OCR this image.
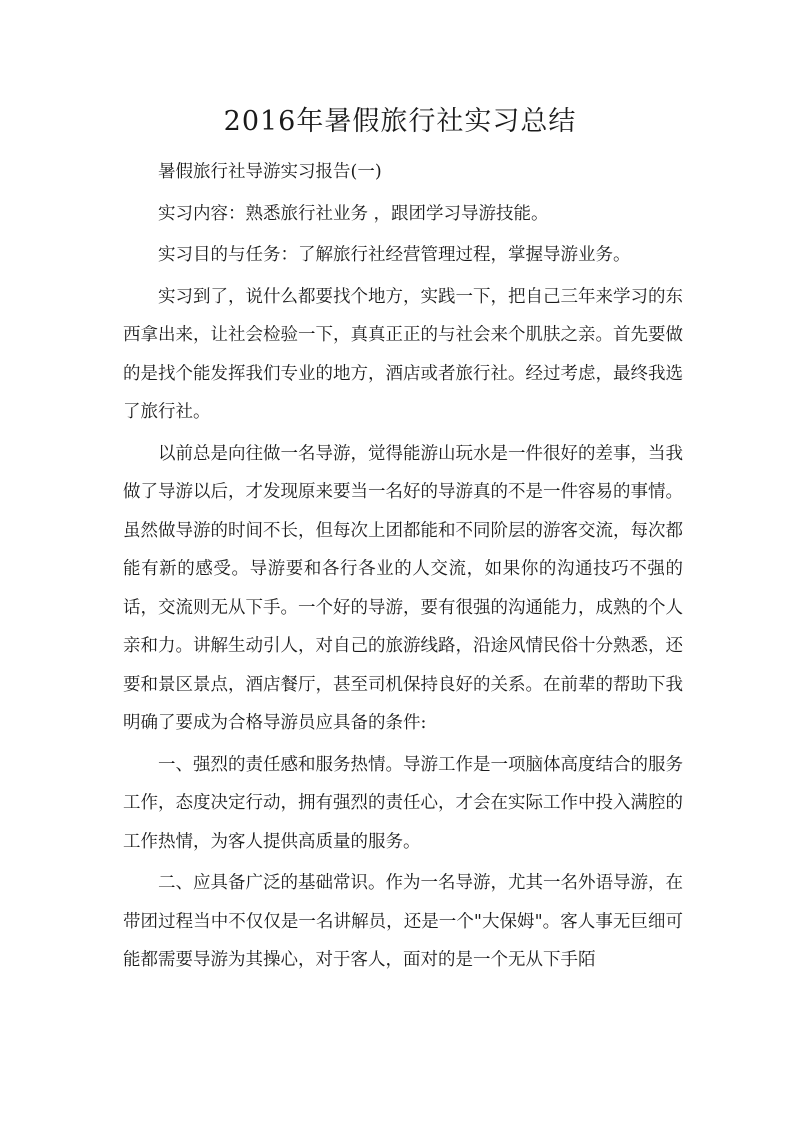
2016年暑假旅行社实习总结

暑假旅行社导游实习报告(一)

实习内容：熟悉旅行社业务 ，跟团学习导游技能。

实习目的与任务：了解旅行社经营管理过程，掌握导游业务。

实习到了，说什么都要找个地方，实践一下，把自己三年来学习的东西拿出来，让社会检验一下，真真正正的与社会来个肌肤之亲。首先要做的是找个能发挥我们专业的地方，酒店或者旅行社。经过考虑，最终我选了旅行社。

以前总是向往做一名导游，觉得能游山玩水是一件很好的差事，当我做了导游以后，才发现原来要当一名好的导游真的不是一件容易的事情。虽然做导游的时间不长，但每次上团都能和不同阶层的游客交流，每次都能有新的感受。导游要和各行各业的人交流，如果你的沟通技巧不强的话，交流则无从下手。一个好的导游，要有很强的沟通能力，成熟的个人亲和力。讲解生动引人，对自己的旅游线路，沿途风情民俗十分熟悉，还要和景区景点，酒店餐厅，甚至司机保持良好的关系。在前辈的帮助下我明确了要成为合格导游员应具备的条件:

一、强烈的责任感和服务热情。导游工作是一项脑体高度结合的服务工作，态度决定行动，拥有强烈的责任心，才会在实际工作中投入满腔的工作热情，为客人提供高质量的服务。

二、应具备广泛的基础常识。作为一名导游，尤其一名外语导游，在带团过程当中不仅仅是一名讲解员，还是一个"大保姆"。客人事无巨细可能都需要导游为其操心，对于客人，面对的是一个无从下手陌
